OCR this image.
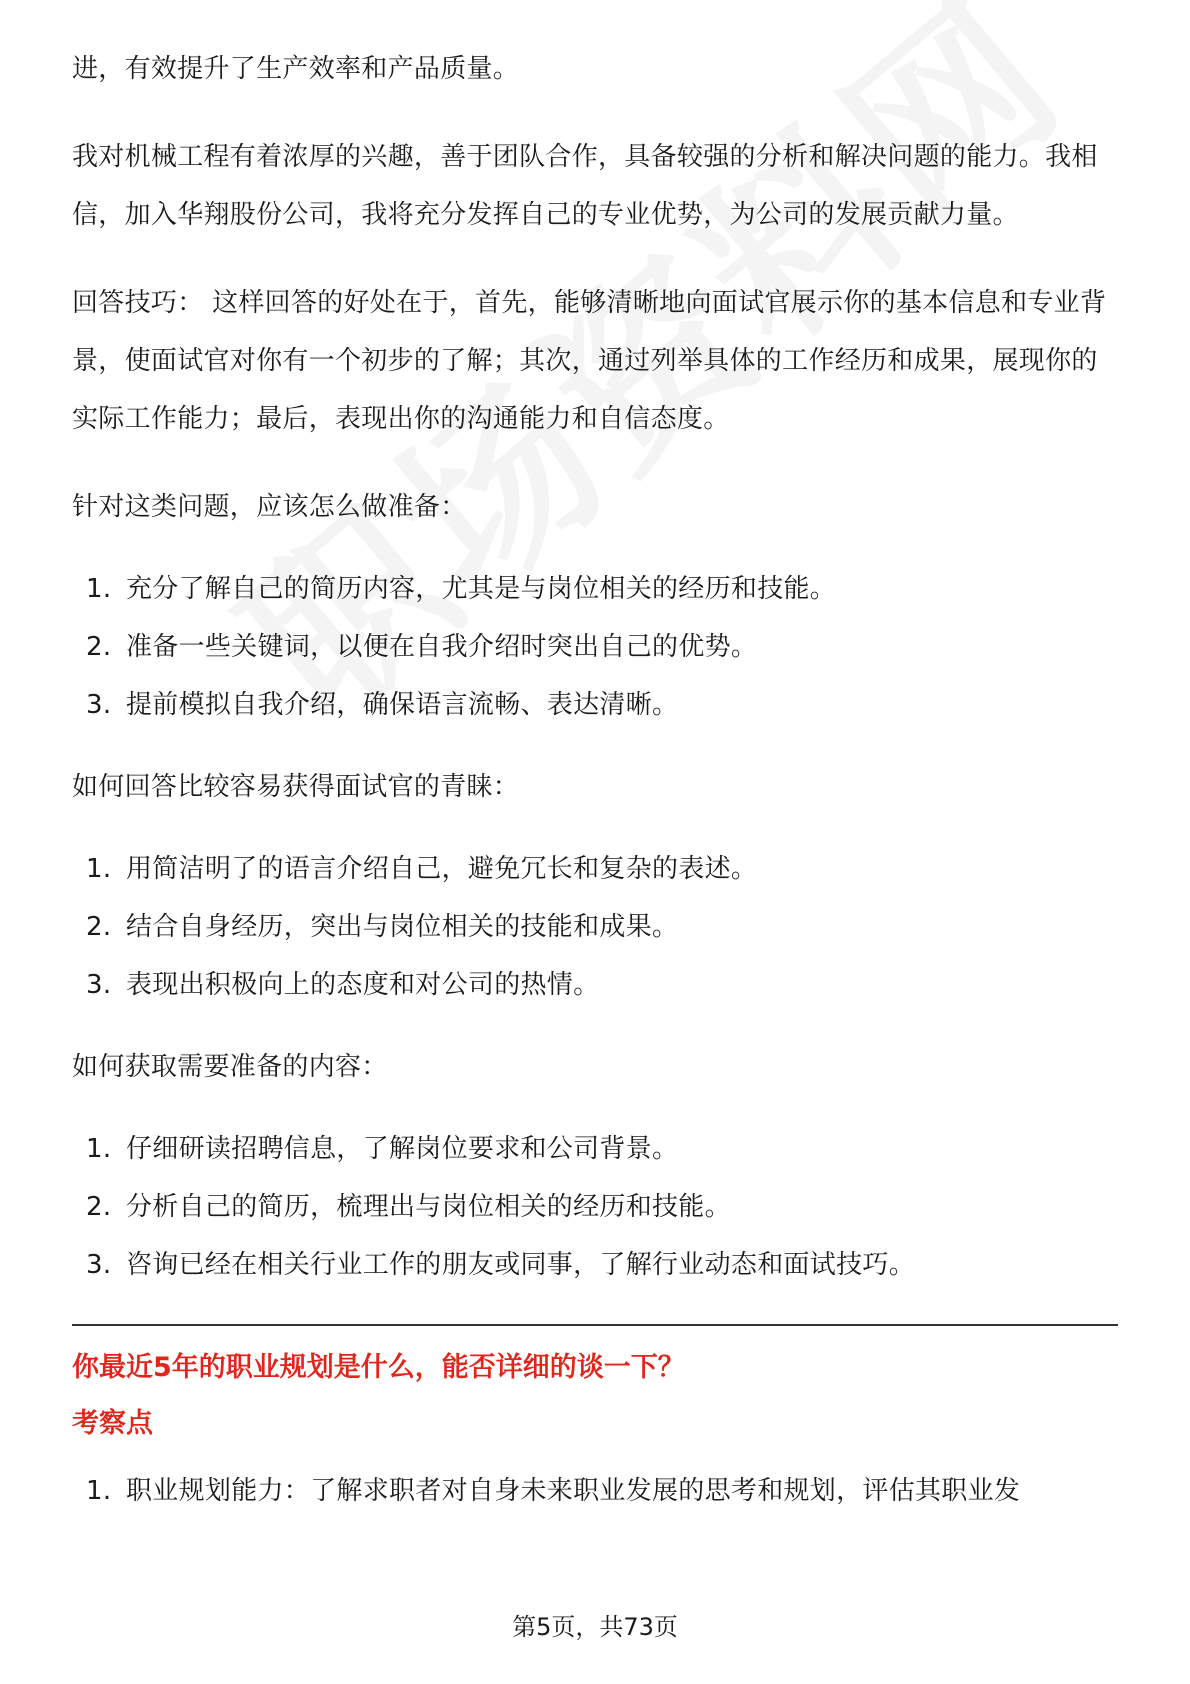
进，有效提升了生产效率和产品质量。

我对机械工程有着浓厚的兴趣，善于团队合作，具备较强的分析和解决问题的能力。我相信，加入华翔股份公司，我将充分发挥自己的专业优势，为公司的发展贡献力量。

回答技巧： 这样回答的好处在于，首先，能够清晰地向面试官展示你的基本信息和专业背景，使面试官对你有一个初步的了解；其次，通过列举具体的工作经历和成果，展现你的实际工作能力；最后，表现出你的沟通能力和自信态度。

针对这类问题，应该怎么做准备：

1. 充分了解自己的简历内容，尤其是与岗位相关的经历和技能。
2. 准备一些关键词，以便在自我介绍时突出自己的优势。
3. 提前模拟自我介绍，确保语言流畅、表达清晰。

如何回答比较容易获得面试官的青睐：

1. 用简洁明了的语言介绍自己，避免冗长和复杂的表述。
2. 结合自身经历，突出与岗位相关的技能和成果。
3. 表现出积极向上的态度和对公司的热情。

如何获取需要准备的内容：

1. 仔细研读招聘信息，了解岗位要求和公司背景。
2. 分析自己的简历，梳理出与岗位相关的经历和技能。
3. 咨询已经在相关行业工作的朋友或同事，了解行业动态和面试技巧。
你最近5年的职业规划是什么，能否详细的谈一下？
考察点
1. 职业规划能力：了解求职者对自身未来职业发展的思考和规划，评估其职业发
第5页，共73页
